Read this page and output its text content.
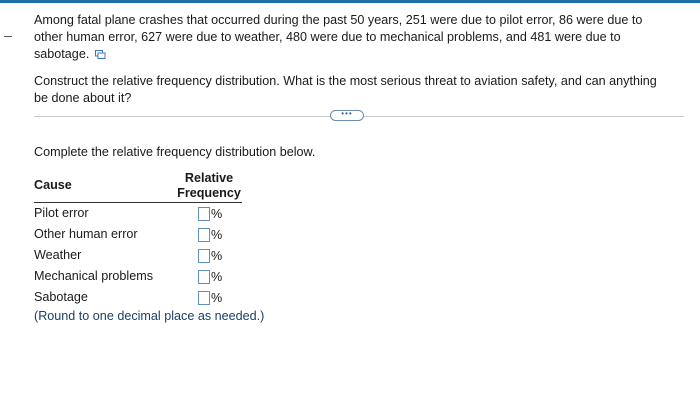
Among fatal plane crashes that occurred during the past 50 years, 251 were due to pilot error, 86 were due to other human error, 627 were due to weather, 480 were due to mechanical problems, and 481 were due to sabotage.

Construct the relative frequency distribution. What is the most serious threat to aviation safety, and can anything be done about it?

•••
Complete the relative frequency distribution below.
Cause	Relative
Frequency
Pilot error	%
Other human error	%
Weather	%
Mechanical problems	%
Sabotage	%
(Round to one decimal place as needed.)
